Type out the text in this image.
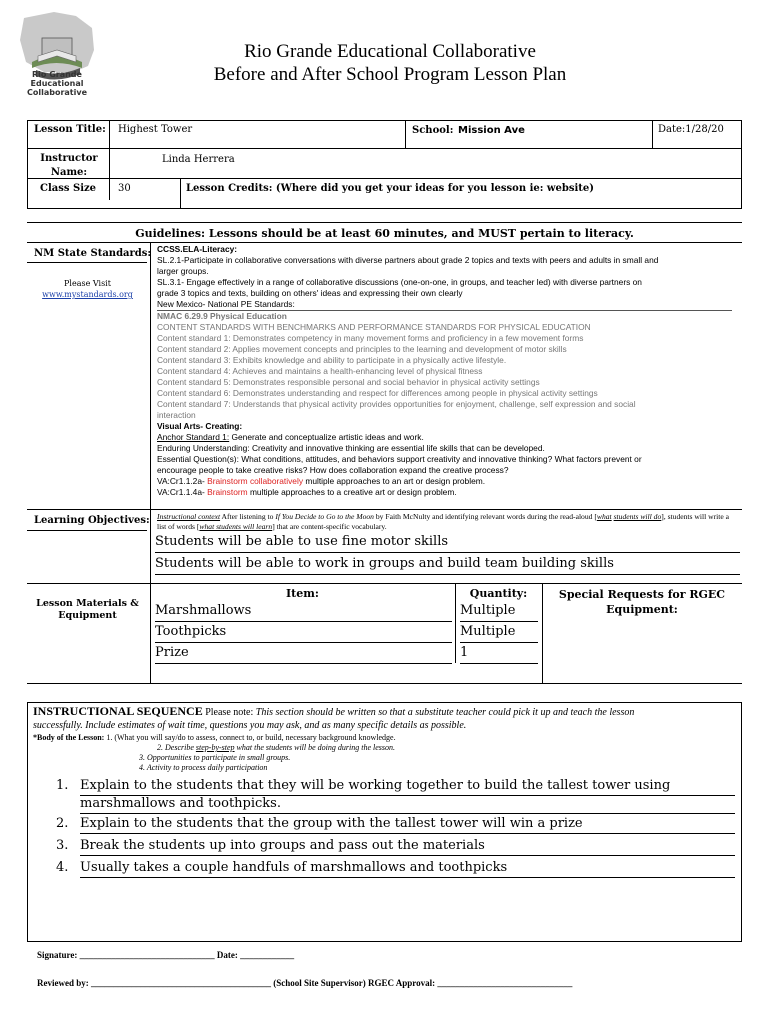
Rio Grande
Educational
Collaborative
Rio Grande Educational Collaborative
Before and After School Program Lesson Plan
Lesson Title: Highest Tower	School: Mission Ave	Date:1/28/20
Instructor
Name:
Linda Herrera
Class Size 30	Lesson Credits: (Where did you get your ideas for you lesson ie: website)
Guidelines: Lessons should be at least 60 minutes, and MUST pertain to literacy.
NM State Standards:
Please Visit
www.mystandards.org
CCSS.ELA-Literacy:
SL.2.1-Participate in collaborative conversations with diverse partners about grade 2 topics and texts with peers and adults in small and
larger groups.
SL.3.1- Engage effectively in a range of collaborative discussions (one-on-one, in groups, and teacher led) with diverse partners on
grade 3 topics and texts, building on others' ideas and expressing their own clearly
New Mexico- National PE Standards:
NMAC 6.29.9 Physical Education
CONTENT STANDARDS WITH BENCHMARKS AND PERFORMANCE STANDARDS FOR PHYSICAL EDUCATION
Content standard 1: Demonstrates competency in many movement forms and proficiency in a few movement forms
Content standard 2: Applies movement concepts and principles to the learning and development of motor skills
Content standard 3: Exhibits knowledge and ability to participate in a physically active lifestyle.
Content standard 4: Achieves and maintains a health-enhancing level of physical fitness
Content standard 5: Demonstrates responsible personal and social behavior in physical activity settings
Content standard 6: Demonstrates understanding and respect for differences among people in physical activity settings
Content standard 7: Understands that physical activity provides opportunities for enjoyment, challenge, self expression and social
interaction
Visual Arts- Creating:
Anchor Standard 1: Generate and conceptualize artistic ideas and work.
Enduring Understanding: Creativity and innovative thinking are essential life skills that can be developed.
Essential Question(s): What conditions, attitudes, and behaviors support creativity and innovative thinking? What factors prevent or
encourage people to take creative risks? How does collaboration expand the creative process?
VA:Cr1.1.2a- Brainstorm collaboratively multiple approaches to an art or design problem.
VA:Cr1.1.4a- Brainstorm multiple approaches to a creative art or design problem.
Learning Objectives: Instructional context After listening to If You Decide to Go to the Moon by Faith McNulty and identifying relevant words during the read-aloud [what students will do], students will write a list of words [what students will learn] that are content-specific vocabulary.
Students will be able to use fine motor skills
Students will be able to work in groups and build team building skills
Lesson Materials &
Equipment
Item:	Quantity:	Special Requests for RGEC
Equipment:
Marshmallows	Multiple
Toothpicks	Multiple
Prize	1
INSTRUCTIONAL SEQUENCE Please note: This section should be written so that a substitute teacher could pick it up and teach the lesson
successfully. Include estimates of wait time, questions you may ask, and as many specific details as possible.
*Body of the Lesson: 1. (What you will say/do to assess, connect to, or build, necessary background knowledge.
2. Describe step-by-step what the students will be doing during the lesson.
3. Opportunities to participate in small groups.
4. Activity to process daily participation
1. Explain to the students that they will be working together to build the tallest tower using
marshmallows and toothpicks.
2. Explain to the students that the group with the tallest tower will win a prize
3. Break the students up into groups and pass out the materials
4. Usually takes a couple handfuls of marshmallows and toothpicks
Signature: ______________________________ Date: ____________
Reviewed by: ________________________________________ (School Site Supervisor) RGEC Approval: ______________________________
